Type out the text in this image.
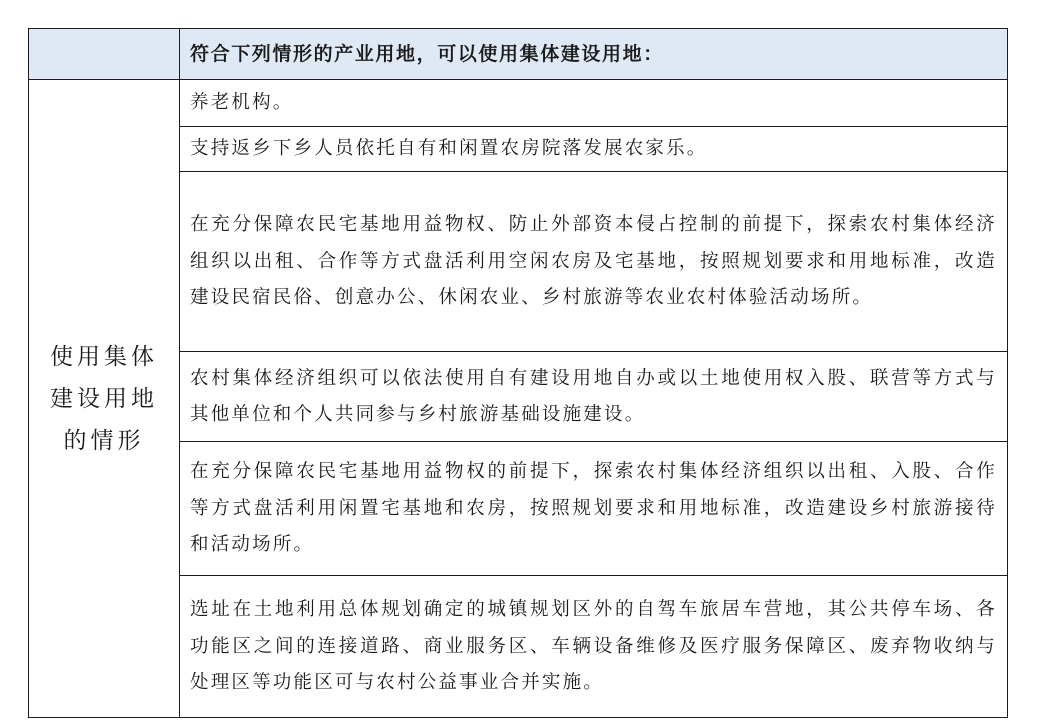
	符合下列情形的产业用地，可以使用集体建设用地：

使用集体建设用地的情形	养老机构。

	支持返乡下乡人员依托自有和闲置农房院落发展农家乐。

	在充分保障农民宅基地用益物权、防止外部资本侵占控制的前提下，探索农村集体经济组织以出租、合作等方式盘活利用空闲农房及宅基地，按照规划要求和用地标准，改造建设民宿民俗、创意办公、休闲农业、乡村旅游等农业农村体验活动场所。

	农村集体经济组织可以依法使用自有建设用地自办或以土地使用权入股、联营等方式与其他单位和个人共同参与乡村旅游基础设施建设。

	在充分保障农民宅基地用益物权的前提下，探索农村集体经济组织以出租、入股、合作等方式盘活利用闲置宅基地和农房，按照规划要求和用地标准，改造建设乡村旅游接待和活动场所。

	选址在土地利用总体规划确定的城镇规划区外的自驾车旅居车营地，其公共停车场、各功能区之间的连接道路、商业服务区、车辆设备维修及医疗服务保障区、废弃物收纳与处理区等功能区可与农村公益事业合并实施。
